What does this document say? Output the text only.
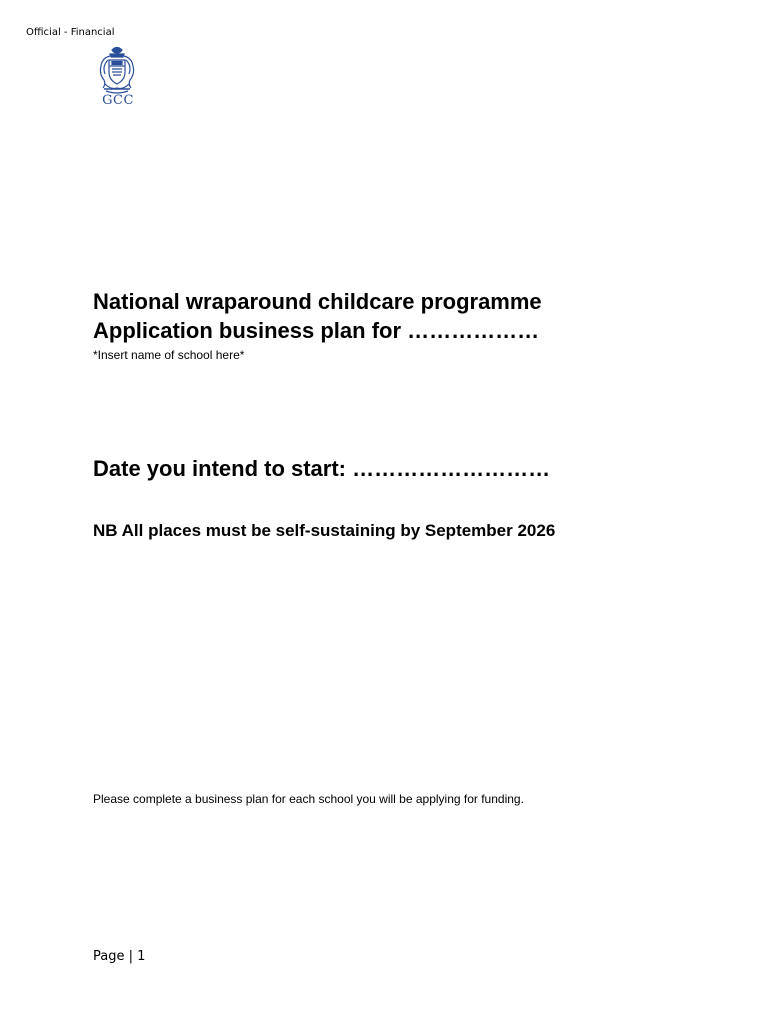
Official - Financial
GCC
National wraparound childcare programme
Application business plan for ………………
*Insert name of school here*
Date you intend to start: ………………………
NB All places must be self-sustaining by September 2026
Please complete a business plan for each school you will be applying for funding.
Page | 1
